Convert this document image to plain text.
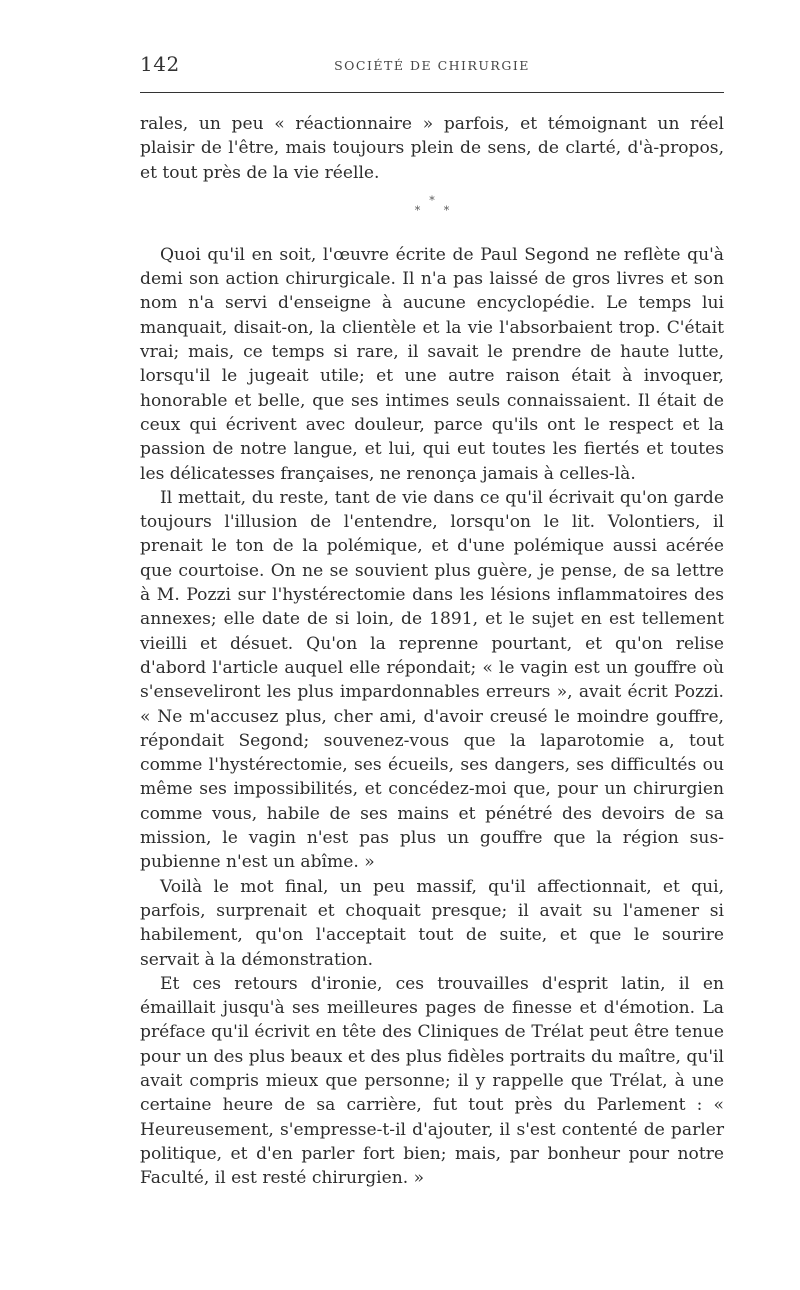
142	SOCIÉTÉ DE CHIRURGIE

rales, un peu « réactionnaire » parfois, et témoignant un réel plaisir de l'être, mais toujours plein de sens, de clarté, d'à-propos, et tout près de la vie réelle.

*
* *

Quoi qu'il en soit, l'œuvre écrite de Paul Segond ne reflète qu'à demi son action chirurgicale. Il n'a pas laissé de gros livres et son nom n'a servi d'enseigne à aucune encyclopédie. Le temps lui manquait, disait-on, la clientèle et la vie l'absorbaient trop. C'était vrai; mais, ce temps si rare, il savait le prendre de haute lutte, lorsqu'il le jugeait utile; et une autre raison était à invoquer, honorable et belle, que ses intimes seuls connaissaient. Il était de ceux qui écrivent avec douleur, parce qu'ils ont le respect et la passion de notre langue, et lui, qui eut toutes les fiertés et toutes les délicatesses françaises, ne renonça jamais à celles-là.

Il mettait, du reste, tant de vie dans ce qu'il écrivait qu'on garde toujours l'illusion de l'entendre, lorsqu'on le lit. Volontiers, il prenait le ton de la polémique, et d'une polémique aussi acérée que courtoise. On ne se souvient plus guère, je pense, de sa lettre à M. Pozzi sur l'hystérectomie dans les lésions inflammatoires des annexes; elle date de si loin, de 1891, et le sujet en est tellement vieilli et désuet. Qu'on la reprenne pourtant, et qu'on relise d'abord l'article auquel elle répondait; « le vagin est un gouffre où s'enseveliront les plus impardonnables erreurs », avait écrit Pozzi. « Ne m'accusez plus, cher ami, d'avoir creusé le moindre gouffre, répondait Segond; souvenez-vous que la laparotomie a, tout comme l'hystérectomie, ses écueils, ses dangers, ses difficultés ou même ses impossibilités, et concédez-moi que, pour un chirurgien comme vous, habile de ses mains et pénétré des devoirs de sa mission, le vagin n'est pas plus un gouffre que la région sus-pubienne n'est un abîme. »

Voilà le mot final, un peu massif, qu'il affectionnait, et qui, parfois, surprenait et choquait presque; il avait su l'amener si habilement, qu'on l'acceptait tout de suite, et que le sourire servait à la démonstration.

Et ces retours d'ironie, ces trouvailles d'esprit latin, il en émaillait jusqu'à ses meilleures pages de finesse et d'émotion. La préface qu'il écrivit en tête des Cliniques de Trélat peut être tenue pour un des plus beaux et des plus fidèles portraits du maître, qu'il avait compris mieux que personne; il y rappelle que Trélat, à une certaine heure de sa carrière, fut tout près du Parlement : « Heureusement, s'empresse-t-il d'ajouter, il s'est contenté de parler politique, et d'en parler fort bien; mais, par bonheur pour notre Faculté, il est resté chirurgien. »
